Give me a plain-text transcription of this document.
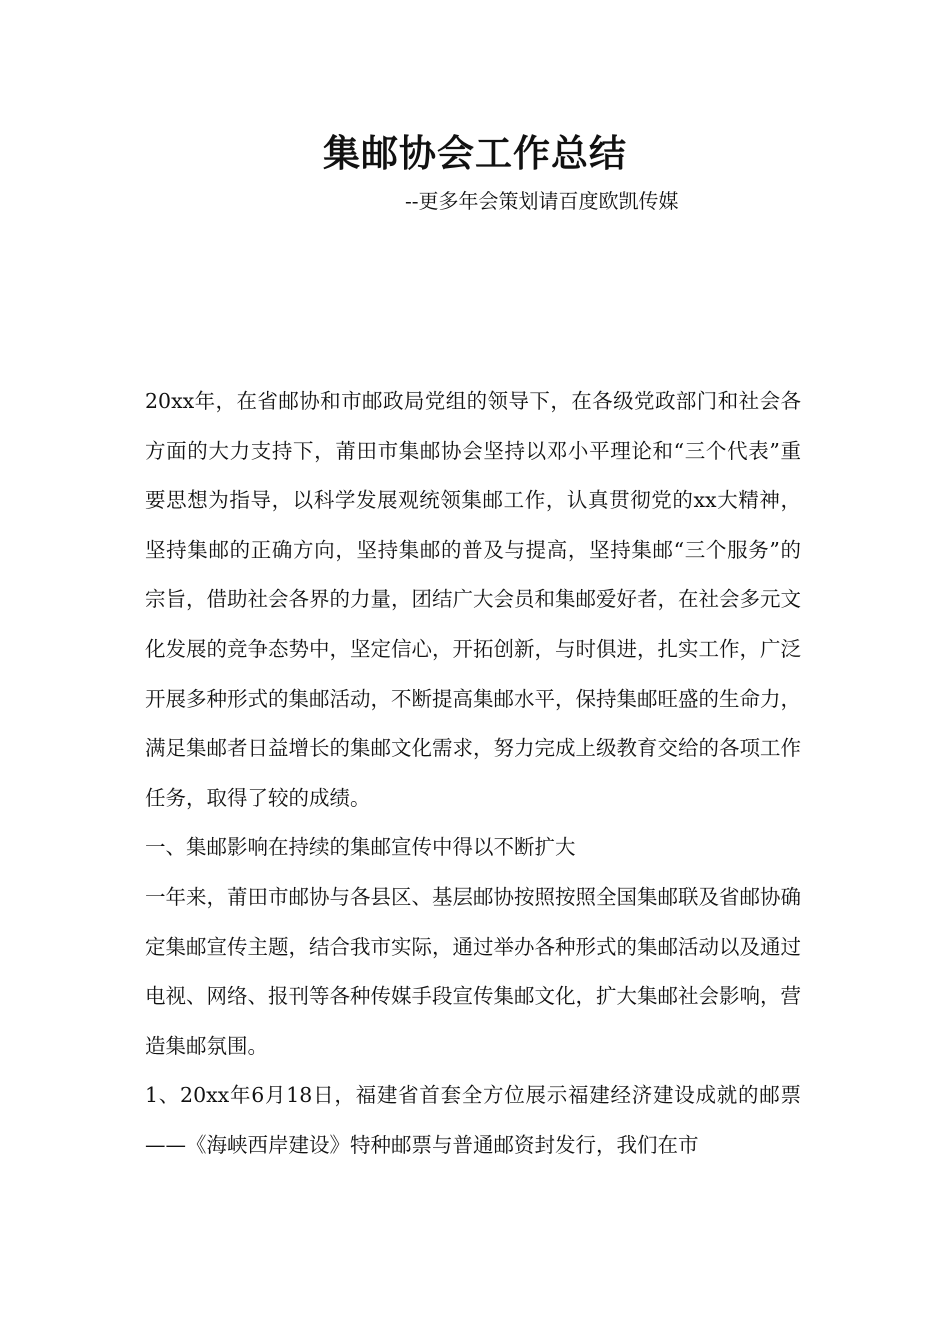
集邮协会工作总结
--更多年会策划请百度欧凯传媒

20xx年，在省邮协和市邮政局党组的领导下，在各级党政部门和社会各方面的大力支持下，莆田市集邮协会坚持以邓小平理论和“三个代表”重要思想为指导，以科学发展观统领集邮工作，认真贯彻党的xx大精神，坚持集邮的正确方向，坚持集邮的普及与提高，坚持集邮“三个服务”的宗旨，借助社会各界的力量，团结广大会员和集邮爱好者，在社会多元文化发展的竞争态势中，坚定信心，开拓创新，与时俱进，扎实工作，广泛开展多种形式的集邮活动，不断提高集邮水平，保持集邮旺盛的生命力，满足集邮者日益增长的集邮文化需求，努力完成上级教育交给的各项工作任务，取得了较的成绩。

一、集邮影响在持续的集邮宣传中得以不断扩大

一年来，莆田市邮协与各县区、基层邮协按照按照全国集邮联及省邮协确定集邮宣传主题，结合我市实际，通过举办各种形式的集邮活动以及通过电视、网络、报刊等各种传媒手段宣传集邮文化，扩大集邮社会影响，营造集邮氛围。

1、20xx年6月18日，福建省首套全方位展示福建经济建设成就的邮票——《海峡西岸建设》特种邮票与普通邮资封发行，我们在市
